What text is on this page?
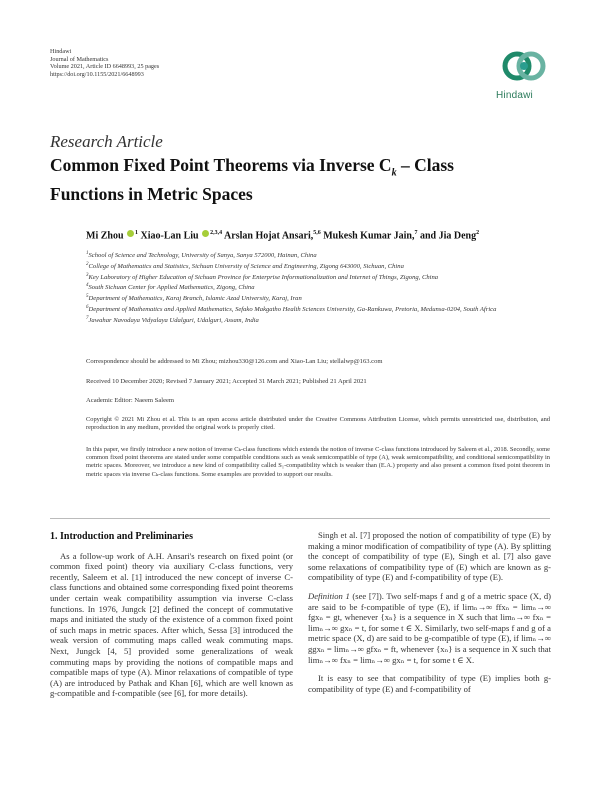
Hindawi
Journal of Mathematics
Volume 2021, Article ID 6648993, 25 pages
https://doi.org/10.1155/2021/6648993
Hindawi
Research Article
Common Fixed Point Theorems via Inverse $C_k$ – Class
Functions in Metric Spaces
Mi Zhou $^1$ Xiao-Lan Liu $^{2,3,4}$ Arslan Hojat Ansari,$^{5,6}$ Mukesh Kumar Jain,$^7$ and Jia Deng$^2$
$^1$School of Science and Technology, University of Sanya, Sanya 572000, Hainan, China
$^2$College of Mathematics and Statistics, Sichuan University of Science and Engineering, Zigong 643000, Sichuan, China
$^3$Key Laboratory of Higher Education of Sichuan Province for Enterprise Informationalization and Internet of Things, Zigong, China
$^4$South Sichuan Center for Applied Mathematics, Zigong, China
$^5$Department of Mathematics, Karaj Branch, Islamic Azad University, Karaj, Iran
$^6$Department of Mathematics and Applied Mathematics, Sefako Makgatho Health Sciences University, Ga-Rankuwa, Pretoria, Medunsa-0204, South Africa
$^7$Jawahar Navodaya Vidyalaya Udalguri, Udalguri, Assam, India
Correspondence should be addressed to Mi Zhou; mizhou330@126.com and Xiao-Lan Liu; stellalwp@163.com
Received 10 December 2020; Revised 7 January 2021; Accepted 31 March 2021; Published 21 April 2021
Academic Editor: Naeem Saleem
Copyright © 2021 Mi Zhou et al. This is an open access article distributed under the Creative Commons Attribution License, which permits unrestricted use, distribution, and reproduction in any medium, provided the original work is properly cited.
In this paper, we firstly introduce a new notion of inverse Cₖ-class functions which extends the notion of inverse C-class functions introduced by Saleem et al., 2018. Secondly, some common fixed point theorems are stated under some compatible conditions such as weak semicompatible of type (A), weak semicompatibility, and conditional semicompatibility in metric spaces. Moreover, we introduce a new kind of compatibility called S₁-compatibility which is weaker than (E.A.) property and also present a common fixed point theorem in metric spaces via inverse Cₖ-class functions. Some examples are provided to support our results.
1. Introduction and Preliminaries

As a follow-up work of A.H. Ansari's research on fixed point (or common fixed point) theory via auxiliary C-class functions, very recently, Saleem et al. [1] introduced the new concept of inverse C-class functions and obtained some corresponding fixed point theorems under certain weak compatibility assumption via inverse C-class functions. In 1976, Jungck [2] defined the concept of commutative maps and initiated the study of the existence of a common fixed point of such maps in metric spaces. After which, Sessa [3] introduced the weak version of commuting maps called weak commuting maps. Next, Jungck [4, 5] provided some generalizations of weak commuting maps by providing the notions of compatible maps and compatible maps of type (A). Minor relaxations of compatible of type (A) are introduced by Pathak and Khan [6], which are well known as g-compatible and f-compatible (see [6], for more details).

Singh et al. [7] proposed the notion of compatibility of type (E) by making a minor modification of compatibility of type (A). By splitting the concept of compatibility of type (E), Singh et al. [7] also gave some relaxations of compatibility type of (E) which are known as g-compatibility of type (E) and f-compatibility of type (E).

Definition 1 (see [7]). Two self-maps f and g of a metric space (X, d) are said to be f-compatible of type (E), if limₙ→∞ ffxₙ = limₙ→∞ fgxₙ = gt, whenever {xₙ} is a sequence in X such that limₙ→∞ fxₙ = limₙ→∞ gxₙ = t, for some t ∈ X. Similarly, two self-maps f and g of a metric space (X, d) are said to be g-compatible of type (E), if limₙ→∞ ggxₙ = limₙ→∞ gfxₙ = ft, whenever {xₙ} is a sequence in X such that limₙ→∞ fxₙ = limₙ→∞ gxₙ = t, for some t ∈ X.

It is easy to see that compatibility of type (E) implies both g-compatibility of type (E) and f-compatibility of
